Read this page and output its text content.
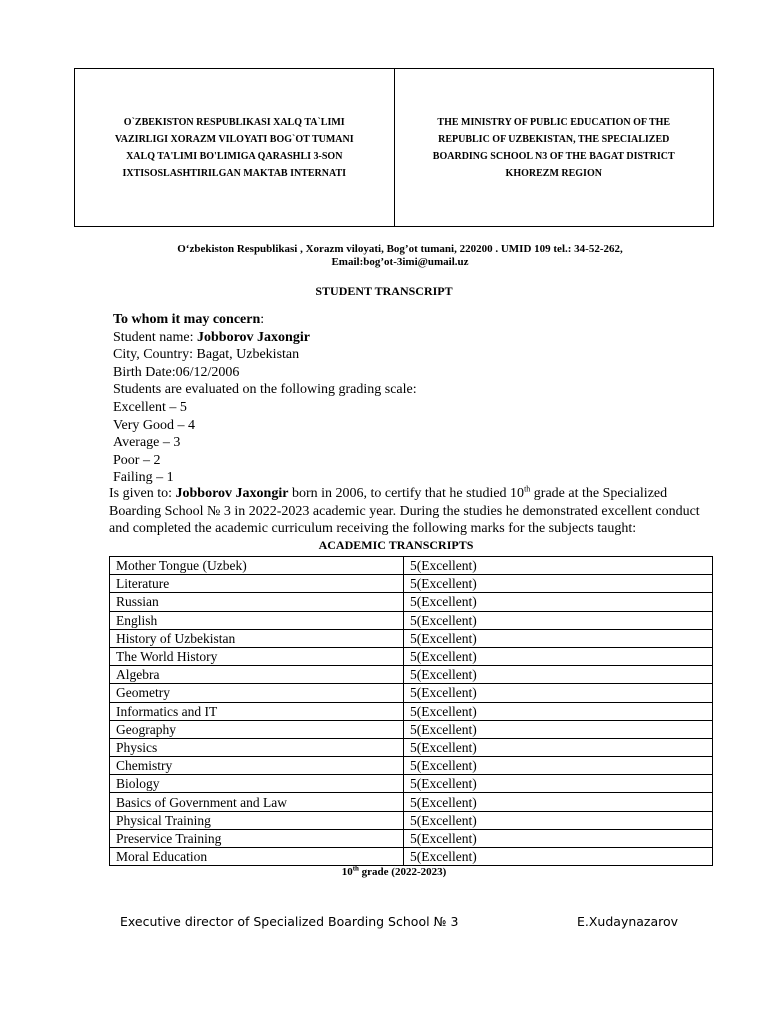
O`ZBEKISTON RESPUBLIKASI XALQ TA`LIMI VAZIRLIGI XORAZM VILOYATI BOG`OT TUMANI XALQ TA'LIMI BO'LIMIGA QARASHLI 3-SON IXTISOSLASHTIRILGAN MAKTAB INTERNATI
THE MINISTRY OF PUBLIC EDUCATION OF THE REPUBLIC OF UZBEKISTAN, THE SPECIALIZED BOARDING SCHOOL N3 OF THE BAGAT DISTRICT KHOREZM REGION
O‘zbekiston Respublikasi , Xorazm viloyati, Bog’ot tumani, 220200 . UMID 109 tel.: 34-52-262,
Email:bog’ot-3imi@umail.uz
STUDENT TRANSCRIPT
To whom it may concern:
Student name: Jobborov Jaxongir
City, Country: Bagat, Uzbekistan
Birth Date:06/12/2006
Students are evaluated on the following grading scale:
Excellent – 5
Very Good – 4
Average – 3
Poor – 2
Failing – 1
Is given to: Jobborov Jaxongir born in 2006, to certify that he studied 10th grade at the Specialized Boarding School № 3 in 2022-2023 academic year. During the studies he demonstrated excellent conduct and completed the academic curriculum receiving the following marks for the subjects taught:
ACADEMIC TRANSCRIPTS
Mother Tongue (Uzbek)	5(Excellent)
Literature	5(Excellent)
Russian	5(Excellent)
English	5(Excellent)
History of Uzbekistan	5(Excellent)
The World History	5(Excellent)
Algebra	5(Excellent)
Geometry	5(Excellent)
Informatics and IT	5(Excellent)
Geography	5(Excellent)
Physics	5(Excellent)
Chemistry	5(Excellent)
Biology	5(Excellent)
Basics of Government and Law	5(Excellent)
Physical Training	5(Excellent)
Preservice Training	5(Excellent)
Moral Education	5(Excellent)
10th grade (2022-2023)
Executive director of Specialized Boarding School № 3	E.Xudaynazarov
